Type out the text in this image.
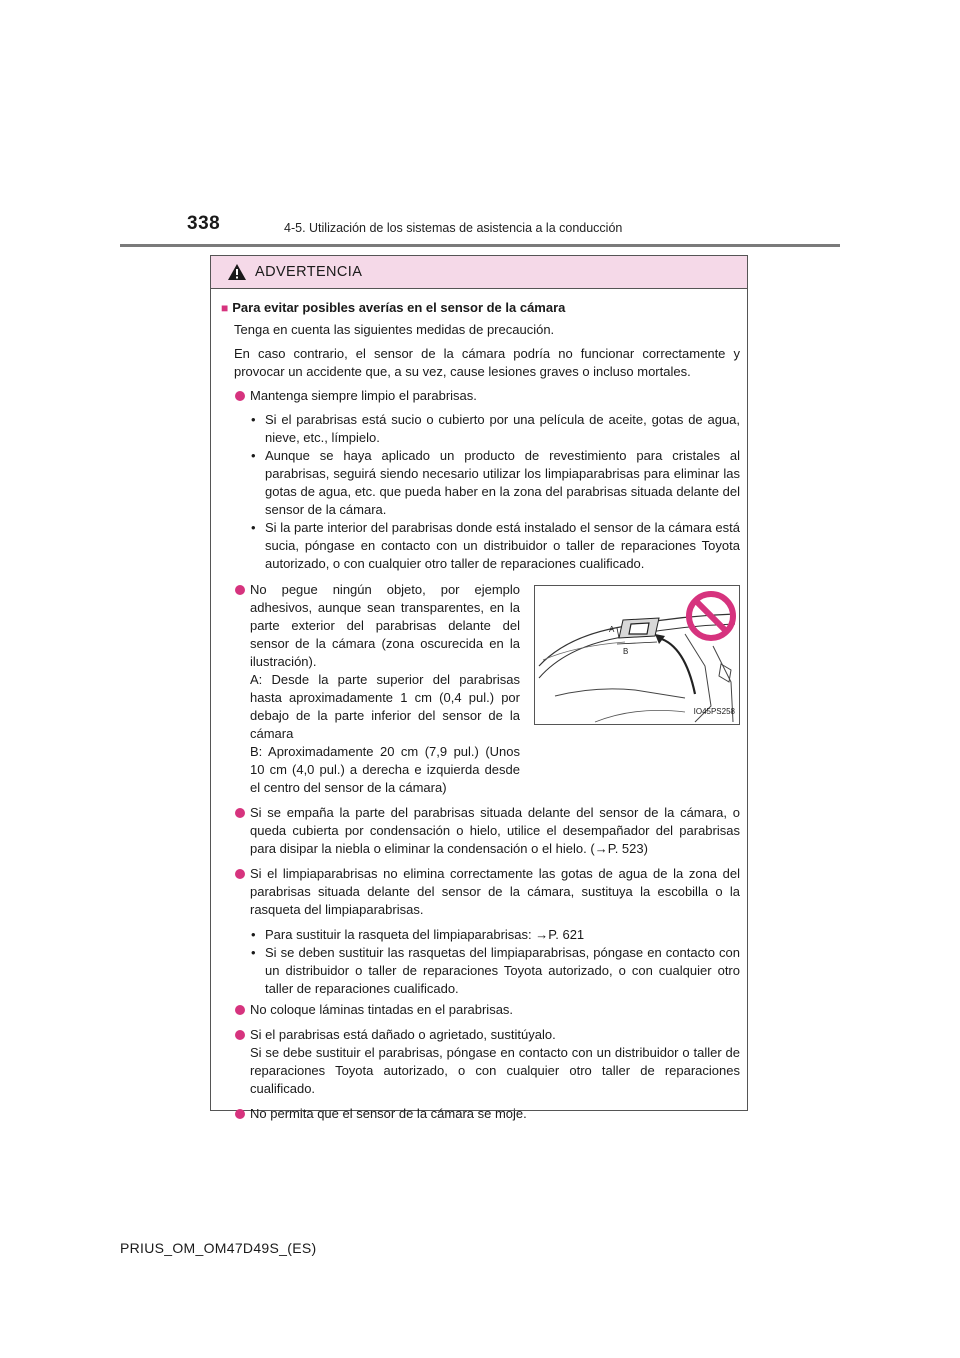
338	4-5. Utilización de los sistemas de asistencia a la conducción
ADVERTENCIA

■ Para evitar posibles averías en el sensor de la cámara

Tenga en cuenta las siguientes medidas de precaución.

En caso contrario, el sensor de la cámara podría no funcionar correctamente y provocar un accidente que, a su vez, cause lesiones graves o incluso mortales.

Mantenga siempre limpio el parabrisas.

• Si el parabrisas está sucio o cubierto por una película de aceite, gotas de agua, nieve, etc., límpielo.

• Aunque se haya aplicado un producto de revestimiento para cristales al parabrisas, seguirá siendo necesario utilizar los limpiaparabrisas para eliminar las gotas de agua, etc. que pueda haber en la zona del parabrisas situada delante del sensor de la cámara.

• Si la parte interior del parabrisas donde está instalado el sensor de la cámara está sucia, póngase en contacto con un distribuidor o taller de reparaciones Toyota autorizado, o con cualquier otro taller de reparaciones cualificado.

No pegue ningún objeto, por ejemplo adhesivos, aunque sean transparentes, en la parte exterior del parabrisas delante del sensor de la cámara (zona oscurecida en la ilustración).

A: Desde la parte superior del parabrisas hasta aproximadamente 1 cm (0,4 pul.) por debajo de la parte inferior del sensor de la cámara

B: Aproximadamente 20 cm (7,9 pul.) (Unos 10 cm (4,0 pul.) a derecha e izquierda desde el centro del sensor de la cámara)

A
B
IO45PS258

Si se empaña la parte del parabrisas situada delante del sensor de la cámara, o queda cubierta por condensación o hielo, utilice el desempañador del parabrisas para disipar la niebla o eliminar la condensación o el hielo. (→P. 523)

Si el limpiaparabrisas no elimina correctamente las gotas de agua de la zona del parabrisas situada delante del sensor de la cámara, sustituya la escobilla o la rasqueta del limpiaparabrisas.

• Para sustituir la rasqueta del limpiaparabrisas: →P. 621

• Si se deben sustituir las rasquetas del limpiaparabrisas, póngase en contacto con un distribuidor o taller de reparaciones Toyota autorizado, o con cualquier otro taller de reparaciones cualificado.

No coloque láminas tintadas en el parabrisas.

Si el parabrisas está dañado o agrietado, sustitúyalo.

Si se debe sustituir el parabrisas, póngase en contacto con un distribuidor o taller de reparaciones Toyota autorizado, o con cualquier otro taller de reparaciones cualificado.

No permita que el sensor de la cámara se moje.

PRIUS_OM_OM47D49S_(ES)
